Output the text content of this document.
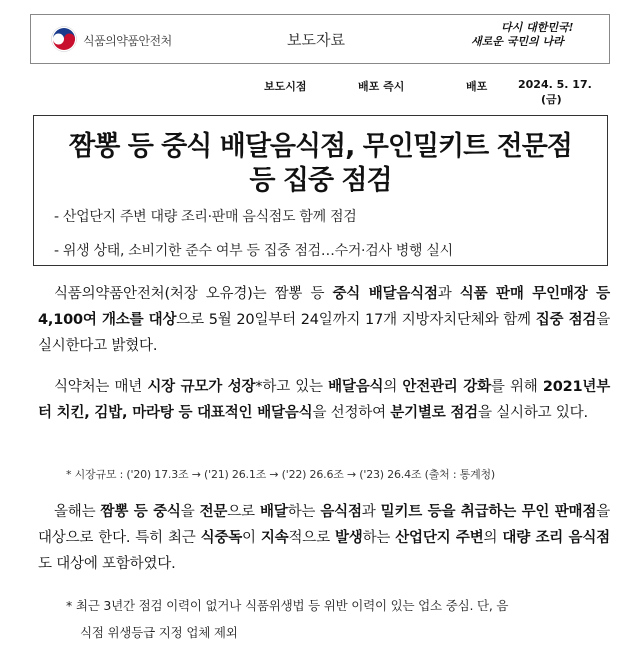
식품의약품안전처	보도자료
다시 대한민국!
새로운 국민의 나라
보도시점	배포 즉시	배포	2024. 5. 17.
(금)
짬뽕 등 중식 배달음식점, 무인밀키트 전문점
등 집중 점검
- 산업단지 주변 대량 조리·판매 음식점도 함께 점검
- 위생 상태, 소비기한 준수 여부 등 집중 점검…수거·검사 병행 실시
식품의약품안전처(처장 오유경)는 짬뽕 등 중식 배달음식점과 식품 판매 무인매장 등 4,100여 개소를 대상으로 5월 20일부터 24일까지 17개 지방자치단체와 함께 집중 점검을 실시한다고 밝혔다.
식약처는 매년 시장 규모가 성장*하고 있는 배달음식의 안전관리 강화를 위해 2021년부터 치킨, 김밥, 마라탕 등 대표적인 배달음식을 선정하여 분기별로 점검을 실시하고 있다.
* 시장규모 : ('20) 17.3조 → ('21) 26.1조 → ('22) 26.6조 → ('23) 26.4조 (출처 : 통계청)
올해는 짬뽕 등 중식을 전문으로 배달하는 음식점과 밀키트 등을 취급하는 무인 판매점을 대상으로 한다. 특히 최근 식중독이 지속적으로 발생하는 산업단지 주변의 대량 조리 음식점도 대상에 포함하였다.
* 최근 3년간 점검 이력이 없거나 식품위생법 등 위반 이력이 있는 업소 중심. 단, 음
식점 위생등급 지정 업체 제외
